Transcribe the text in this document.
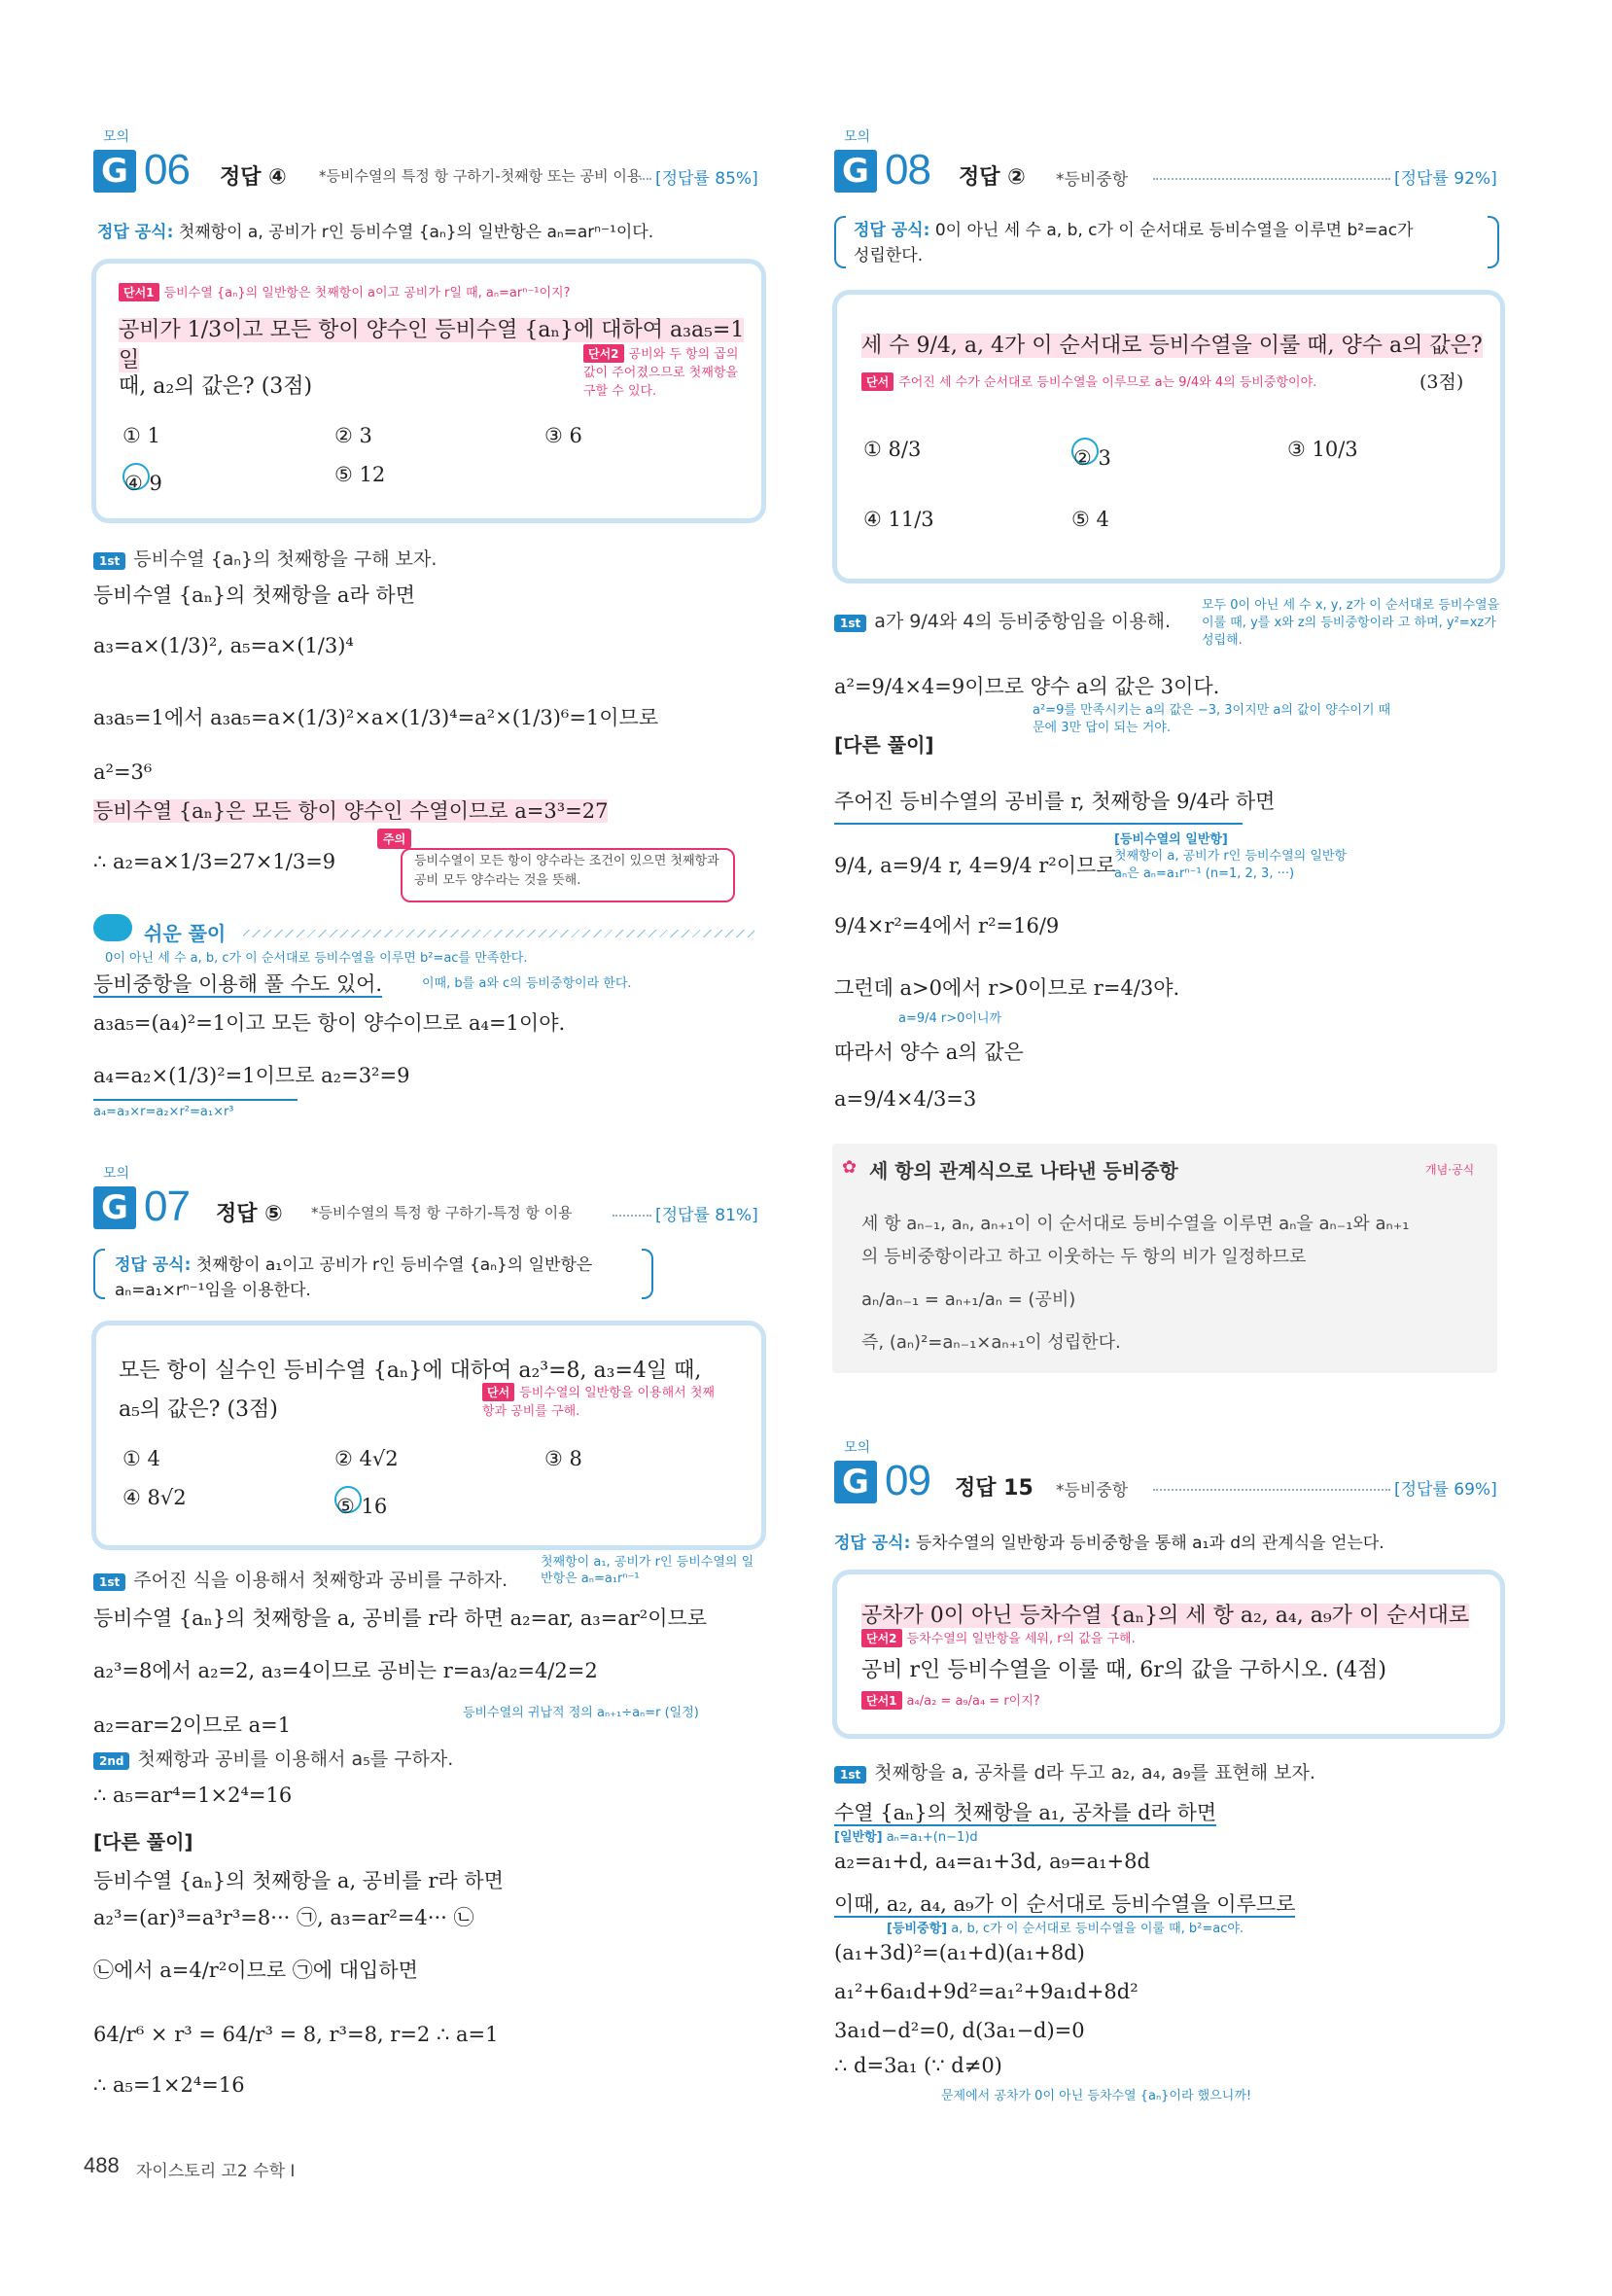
모의
G 06 정답 ④ *등비수열의 특정 항 구하기-첫째항 또는 공비 이용 [정답률 85%]
정답 공식: 첫째항이 a, 공비가 r인 등비수열 {aₙ}의 일반항은 aₙ=arⁿ⁻¹이다.
단서1 등비수열 {aₙ}의 일반항은 첫째항이 a이고 공비가 r일 때, aₙ=arⁿ⁻¹이지?
공비가 1/3이고 모든 항이 양수인 등비수열 {aₙ}에 대하여 a₃a₅=1일
때, a₂의 값은? (3점)
단서2 공비와 두 항의 곱의 값이 주어졌으므로 첫째항을 구할 수 있다.
① 1	② 3	③ 6
④ 9	⑤ 12
1st 등비수열 {aₙ}의 첫째항을 구해 보자.
등비수열 {aₙ}의 첫째항을 a라 하면
a₃=a×(1/3)², a₅=a×(1/3)⁴
a₃a₅=1에서 a₃a₅=a×(1/3)²×a×(1/3)⁴=a²×(1/3)⁶=1이므로
a²=3⁶
등비수열 {aₙ}은 모든 항이 양수인 수열이므로 a=3³=27
∴ a₂=a×1/3=27×1/3=9
주의
등비수열이 모든 항이 양수라는 조건이 있으면 첫째항과 공비 모두 양수라는 것을 뜻해.
쉬운 풀이
0이 아닌 세 수 a, b, c가 이 순서대로 등비수열을 이루면 b²=ac를 만족한다.
등비중항을 이용해 풀 수도 있어.	이때, b를 a와 c의 등비중항이라 한다.
a₃a₅=(a₄)²=1이고 모든 항이 양수이므로 a₄=1이야.
a₄=a₂×(1/3)²=1이므로 a₂=3²=9
a₄=a₃×r=a₂×r²=a₁×r³
모의
G 07 정답 ⑤ *등비수열의 특정 항 구하기-특정 항 이용	[정답률 81%]
정답 공식: 첫째항이 a₁이고 공비가 r인 등비수열 {aₙ}의 일반항은
aₙ=a₁×rⁿ⁻¹임을 이용한다.
모든 항이 실수인 등비수열 {aₙ}에 대하여 a₂³=8, a₃=4일 때,
a₅의 값은? (3점)
단서 등비수열의 일반항을 이용해서 첫째항과 공비를 구해.
① 4	② 4√2	③ 8
④ 8√2	⑤ 16
1st 주어진 식을 이용해서 첫째항과 공비를 구하자.
첫째항이 a₁, 공비가 r인 등비수열의 일반항은 aₙ=a₁rⁿ⁻¹
등비수열 {aₙ}의 첫째항을 a, 공비를 r라 하면 a₂=ar, a₃=ar²이므로
a₂³=8에서 a₂=2, a₃=4이므로 공비는 r=a₃/a₂=4/2=2
a₂=ar=2이므로 a=1
등비수열의 귀납적 정의 aₙ₊₁÷aₙ=r (일정)
2nd 첫째항과 공비를 이용해서 a₅를 구하자.
∴ a₅=ar⁴=1×2⁴=16
[다른 풀이]
등비수열 {aₙ}의 첫째항을 a, 공비를 r라 하면
a₂³=(ar)³=a³r³=8··· ㉠, a₃=ar²=4··· ㉡
㉡에서 a=4/r²이므로 ㉠에 대입하면
64/r⁶ × r³ = 64/r³ = 8, r³=8, r=2 ∴ a=1
∴ a₅=1×2⁴=16
모의
G 08 정답 ② *등비중항	[정답률 92%]
정답 공식: 0이 아닌 세 수 a, b, c가 이 순서대로 등비수열을 이루면 b²=ac가
성립한다.
세 수 9/4, a, 4가 이 순서대로 등비수열을 이룰 때, 양수 a의 값은?
단서 주어진 세 수가 순서대로 등비수열을 이루므로 a는 9/4와 4의 등비중항이야.	(3점)
① 8/3	② 3	③ 10/3
④ 11/3	⑤ 4
1st a가 9/4와 4의 등비중항임을 이용해.
모두 0이 아닌 세 수 x, y, z가 이 순서대로 등비수열을 이룰 때, y를 x와 z의 등비중항이라 고 하며, y²=xz가 성립해.
a²=9/4×4=9이므로 양수 a의 값은 3이다.
a²=9를 만족시키는 a의 값은 −3, 3이지만 a의 값이 양수이기 때문에 3만 답이 되는 거야.
[다른 풀이]
주어진 등비수열의 공비를 r, 첫째항을 9/4라 하면
[등비수열의 일반항]
첫째항이 a, 공비가 r인 등비수열의 일반항 aₙ은 aₙ=a₁rⁿ⁻¹ (n=1, 2, 3, ···)
9/4, a=9/4 r, 4=9/4 r²이므로
9/4×r²=4에서 r²=16/9
그런데 a>0에서 r>0이므로 r=4/3야.
a=9/4 r>0이니까
따라서 양수 a의 값은
a=9/4×4/3=3
✿ 세 항의 관계식으로 나타낸 등비중항	개념·공식
세 항 aₙ₋₁, aₙ, aₙ₊₁이 이 순서대로 등비수열을 이루면 aₙ을 aₙ₋₁와 aₙ₊₁
의 등비중항이라고 하고 이웃하는 두 항의 비가 일정하므로
aₙ/aₙ₋₁ = aₙ₊₁/aₙ = (공비)
즉, (aₙ)²=aₙ₋₁×aₙ₊₁이 성립한다.
모의
G 09 정답 15 *등비중항	[정답률 69%]
정답 공식: 등차수열의 일반항과 등비중항을 통해 a₁과 d의 관계식을 얻는다.
공차가 0이 아닌 등차수열 {aₙ}의 세 항 a₂, a₄, a₉가 이 순서대로
단서2 등차수열의 일반항을 세워, r의 값을 구해.
공비 r인 등비수열을 이룰 때, 6r의 값을 구하시오. (4점)
단서1 a₄/a₂ = a₉/a₄ = r이지?
1st 첫째항을 a, 공차를 d라 두고 a₂, a₄, a₉를 표현해 보자.
수열 {aₙ}의 첫째항을 a₁, 공차를 d라 하면
[일반항] aₙ=a₁+(n−1)d
a₂=a₁+d, a₄=a₁+3d, a₉=a₁+8d
이때, a₂, a₄, a₉가 이 순서대로 등비수열을 이루므로
[등비중항] a, b, c가 이 순서대로 등비수열을 이룰 때, b²=ac야.
(a₁+3d)²=(a₁+d)(a₁+8d)
a₁²+6a₁d+9d²=a₁²+9a₁d+8d²
3a₁d−d²=0, d(3a₁−d)=0
∴ d=3a₁ (∵ d≠0)
문제에서 공차가 0이 아닌 등차수열 {aₙ}이라 했으니까!
488 자이스토리 고2 수학 I
